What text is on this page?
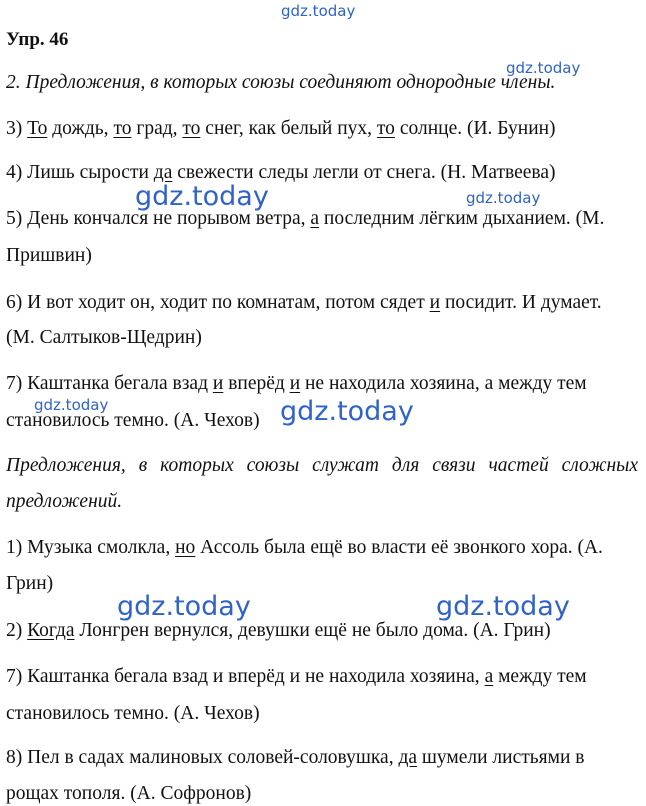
gdz.today
Упр. 46
gdz.today
2. Предложения, в которых союзы соединяют однородные члены.
3) То дождь, то град, то снег, как белый пух, то солнце. (И. Бунин)
4) Лишь сырости да свежести следы легли от снега. (Н. Матвеева)
gdz.today	gdz.today
5) День кончался не порывом ветра, а последним лёгким дыханием. (М.
Пришвин)
6) И вот ходит он, ходит по комнатам, потом сядет и посидит. И думает.
(М. Салтыков-Щедрин)
7) Каштанка бегала взад и вперёд и не находила хозяина, а между тем
gdz.today	gdz.today
становилось темно. (А. Чехов)
Предложения, в которых союзы служат для связи частей сложных
предложений.
1) Музыка смолкла, но Ассоль была ещё во власти её звонкого хора. (А.
Грин)
gdz.today	gdz.today
2) Когда Лонгрен вернулся, девушки ещё не было дома. (А. Грин)
7) Каштанка бегала взад и вперёд и не находила хозяина, а между тем
становилось темно. (А. Чехов)
8) Пел в садах малиновых соловей-соловушка, да шумели листьями в
рощах тополя. (А. Софронов)
